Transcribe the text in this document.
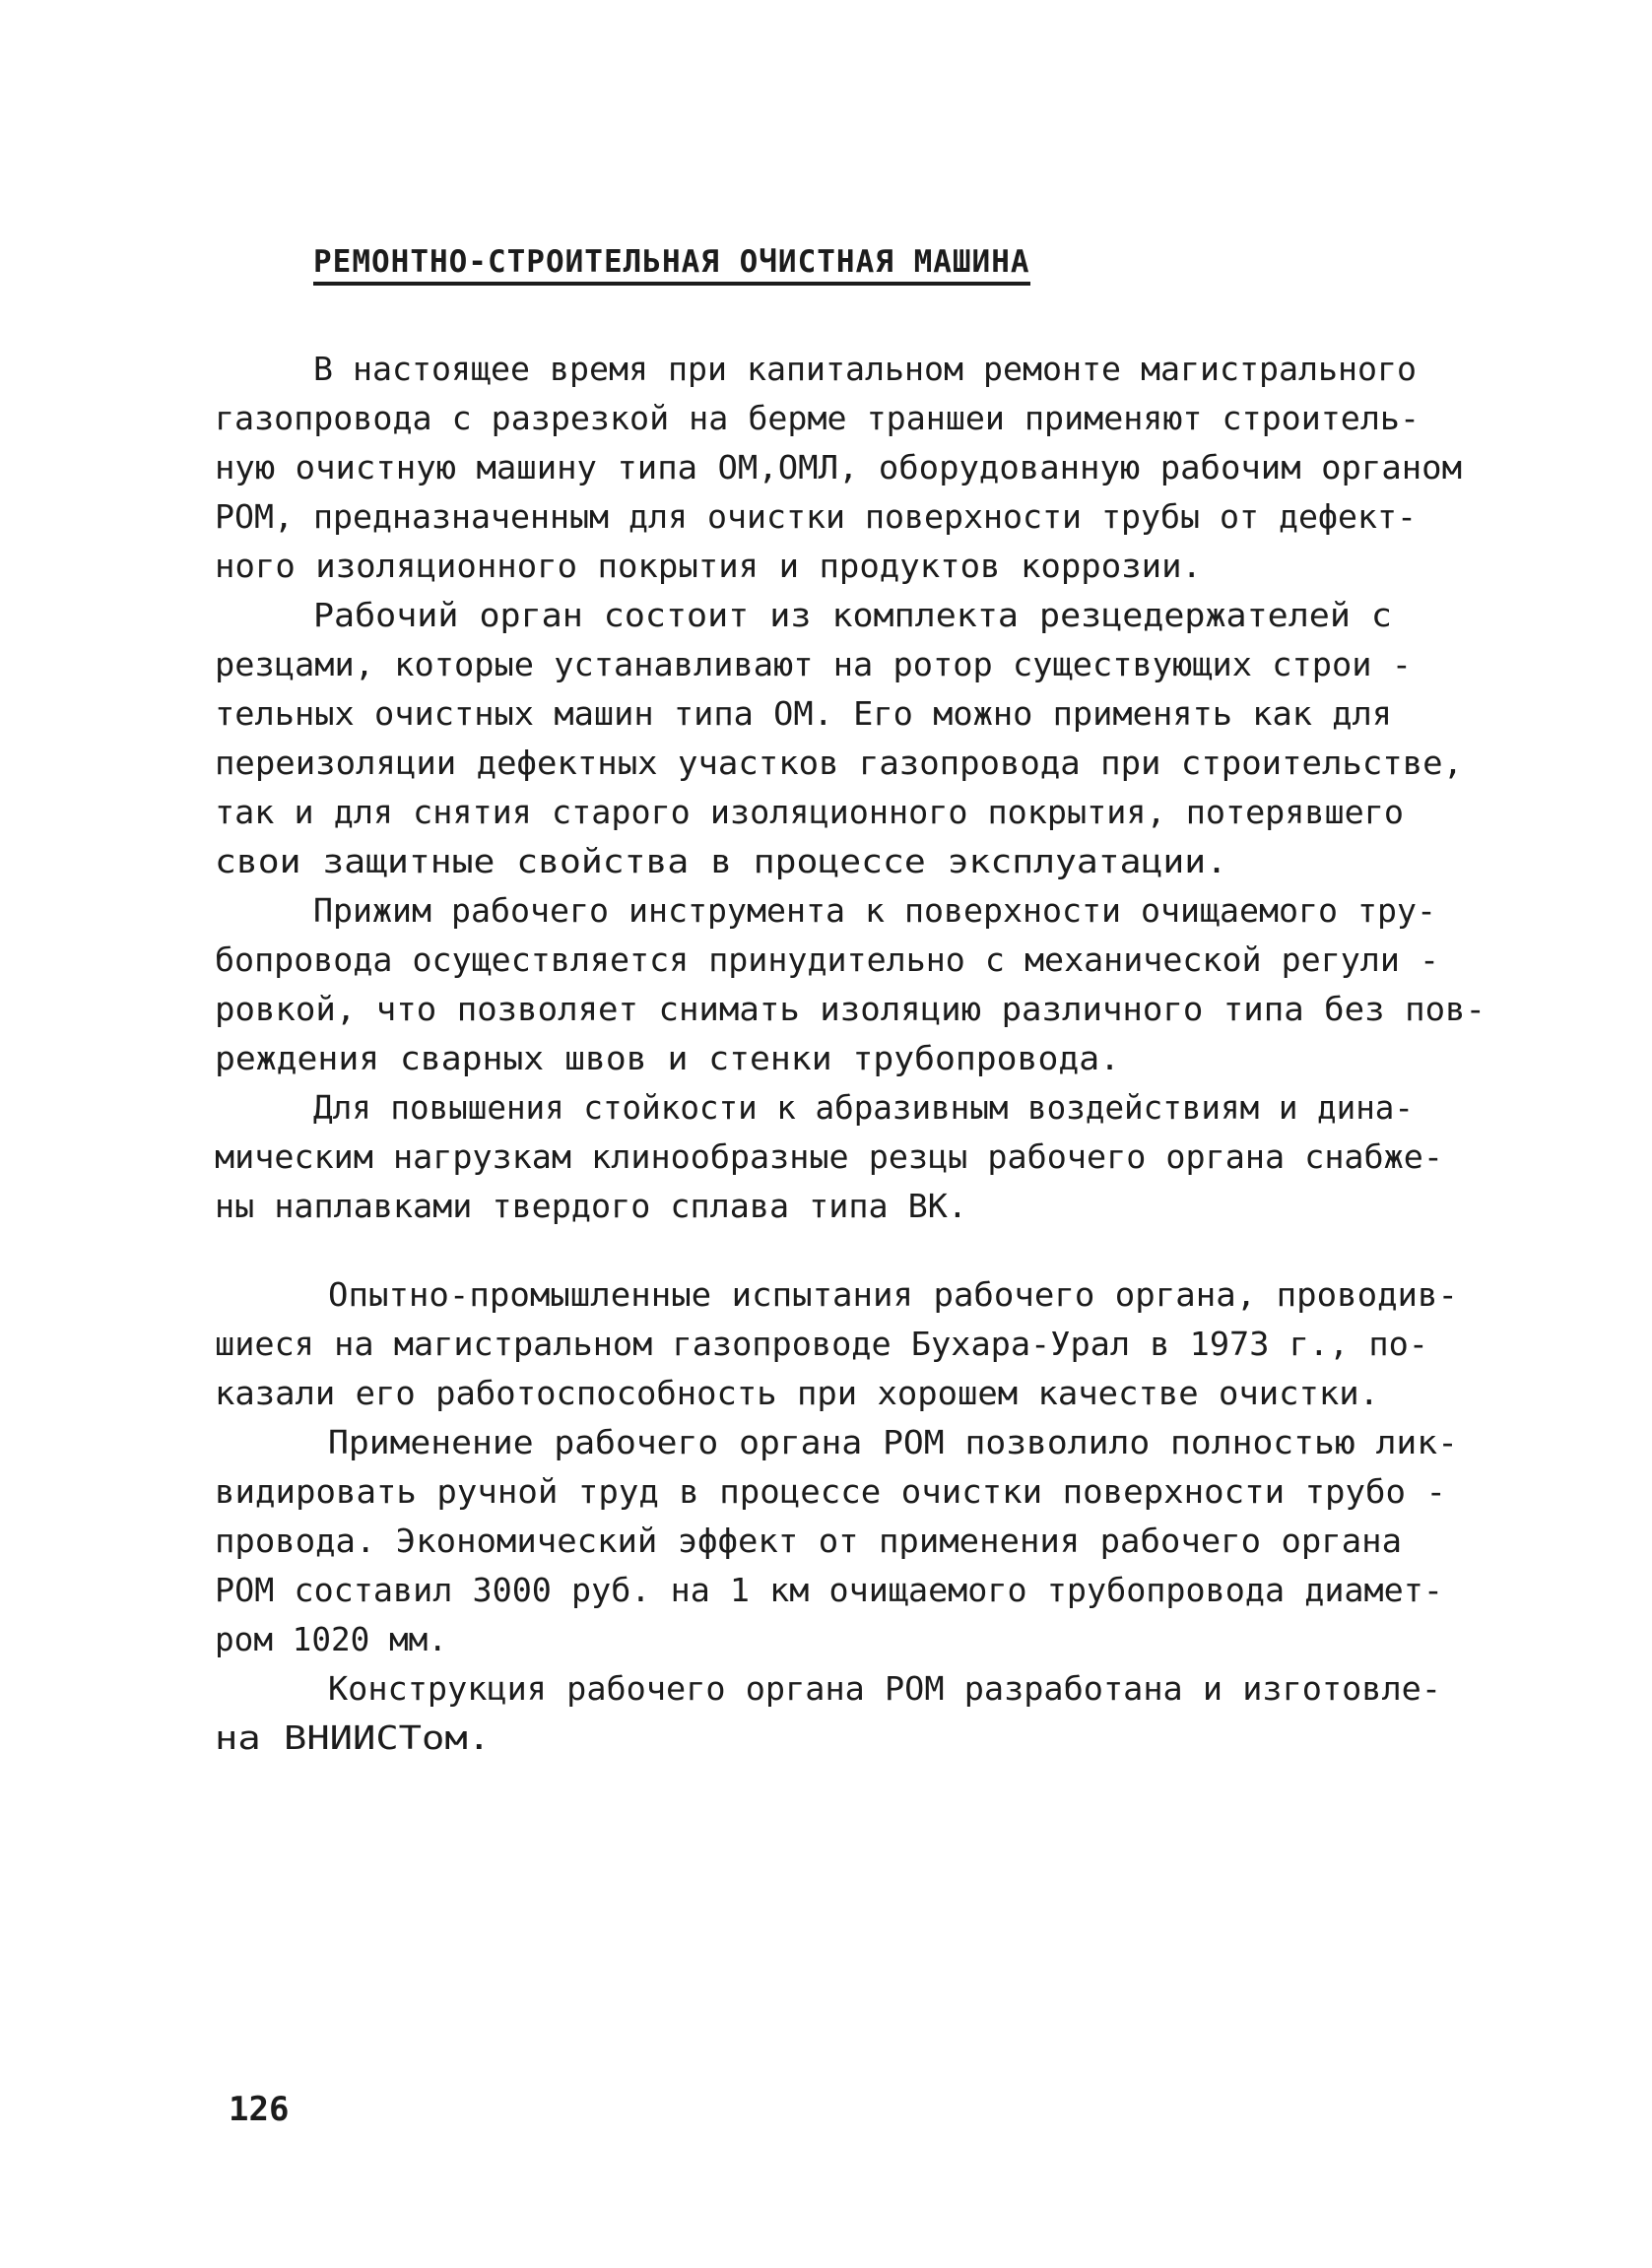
РЕМОНТНО-СТРОИТЕЛЬНАЯ ОЧИСТНАЯ МАШИНА
В настоящее время при капитальном ремонте магистрального
газопровода с разрезкой на берме траншеи применяют строитель-
ную очистную машину типа ОМ,ОМЛ, оборудованную рабочим органом
РОМ, предназначенным для очистки поверхности трубы от дефект-
ного изоляционного покрытия и продуктов коррозии.
Рабочий орган состоит из комплекта резцедержателей с
резцами, которые устанавливают на ротор существующих строи -
тельных очистных машин типа ОМ. Его можно применять как для
переизоляции дефектных участков газопровода при строительстве,
так и для снятия старого изоляционного покрытия, потерявшего
свои защитные свойства в процессе эксплуатации.
Прижим рабочего инструмента к поверхности очищаемого тру-
бопровода осуществляется принудительно с механической регули -
ровкой, что позволяет снимать изоляцию различного типа без пов-
реждения сварных швов и стенки трубопровода.
Для повышения стойкости к абразивным воздействиям и дина-
мическим нагрузкам клинообразные резцы рабочего органа снабже-
ны наплавками твердого сплава типа ВК.
Опытно-промышленные испытания рабочего органа, проводив-
шиеся на магистральном газопроводе Бухара-Урал в 1973 г., по-
казали его работоспособность при хорошем качестве очистки.
Применение рабочего органа РОМ позволило полностью лик-
видировать ручной труд в процессе очистки поверхности трубо -
провода. Экономический эффект от применения рабочего органа
РОМ составил 3000 руб. на 1 км очищаемого трубопровода диамет-
ром 1020 мм.
Конструкция рабочего органа РОМ разработана и изготовле-
на ВНИИСТом.
126
